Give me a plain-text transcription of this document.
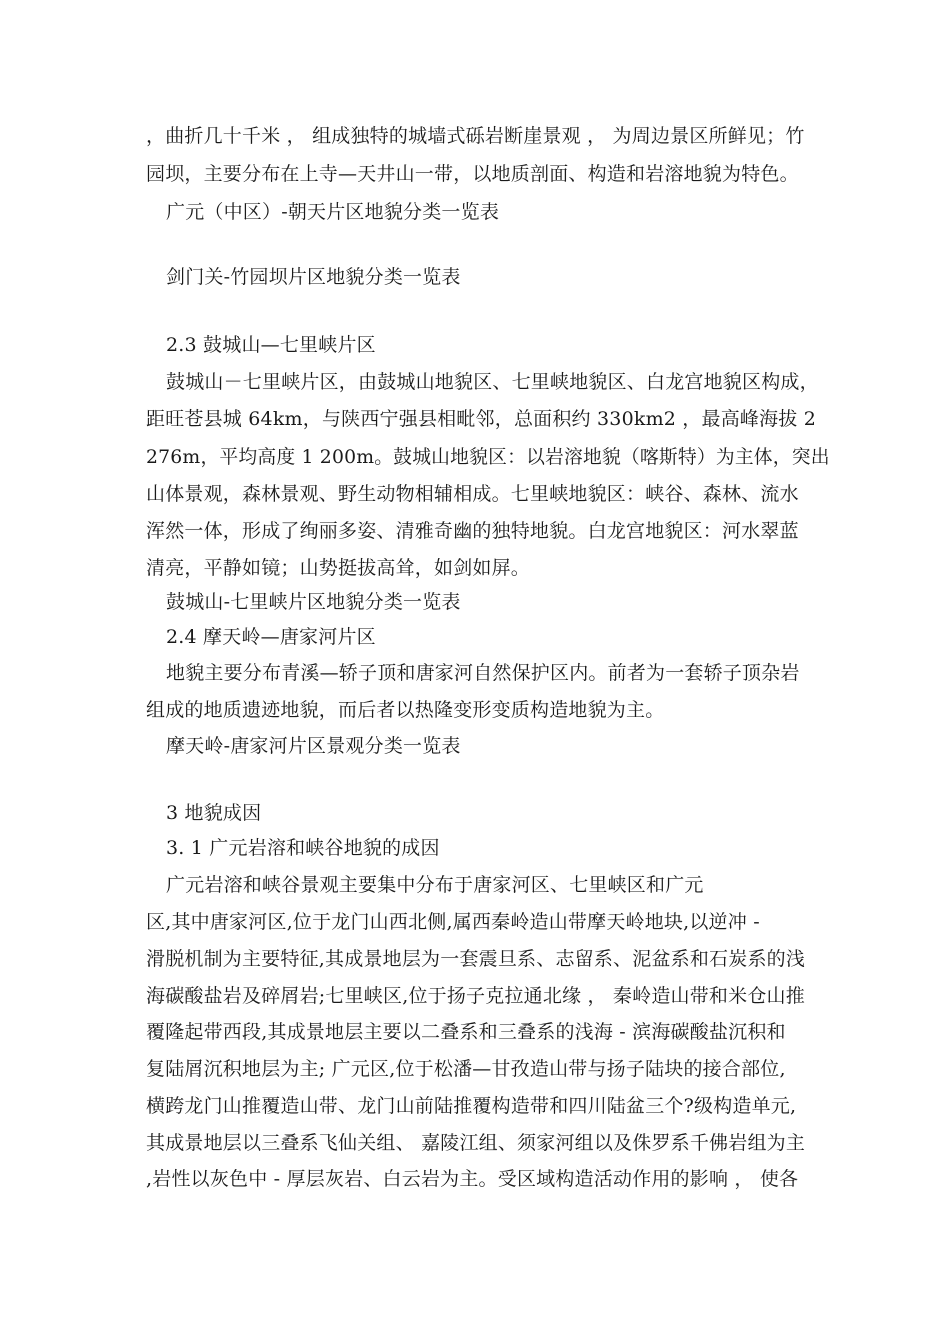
，曲折几十千米 ， 组成独特的城墙式砾岩断崖景观 ， 为周边景区所鲜见；竹
园坝，主要分布在上寺—天井山一带，以地质剖面、构造和岩溶地貌为特色。
广元（中区）-朝天片区地貌分类一览表
剑门关-竹园坝片区地貌分类一览表
2.3 鼓城山—七里峡片区
鼓城山－七里峡片区，由鼓城山地貌区、七里峡地貌区、白龙宫地貌区构成，
距旺苍县城 64km，与陕西宁强县相毗邻，总面积约 330km2 ，最高峰海拔 2
276m，平均高度 1 200m。鼓城山地貌区：以岩溶地貌（喀斯特）为主体，突出
山体景观，森林景观、野生动物相辅相成。七里峡地貌区：峡谷、森林、流水
浑然一体，形成了绚丽多姿、清雅奇幽的独特地貌。白龙宫地貌区：河水翠蓝
清亮，平静如镜；山势挺拔高耸，如剑如屏。
鼓城山-七里峡片区地貌分类一览表
2.4 摩天岭—唐家河片区
地貌主要分布青溪—轿子顶和唐家河自然保护区内。前者为一套轿子顶杂岩
组成的地质遗迹地貌，而后者以热隆变形变质构造地貌为主。
摩天岭-唐家河片区景观分类一览表
3 地貌成因
3. 1 广元岩溶和峡谷地貌的成因
广元岩溶和峡谷景观主要集中分布于唐家河区、七里峡区和广元
区,其中唐家河区,位于龙门山西北侧,属西秦岭造山带摩天岭地块,以逆冲 -
滑脱机制为主要特征,其成景地层为一套震旦系、志留系、泥盆系和石炭系的浅
海碳酸盐岩及碎屑岩;七里峡区,位于扬子克拉通北缘 ， 秦岭造山带和米仓山推
覆隆起带西段,其成景地层主要以二叠系和三叠系的浅海 - 滨海碳酸盐沉积和
复陆屑沉积地层为主; 广元区,位于松潘—甘孜造山带与扬子陆块的接合部位,
横跨龙门山推覆造山带、龙门山前陆推覆构造带和四川陆盆三个?级构造单元,
其成景地层以三叠系飞仙关组、 嘉陵江组、须家河组以及侏罗系千佛岩组为主
,岩性以灰色中 - 厚层灰岩、白云岩为主。受区域构造活动作用的影响 ， 使各
